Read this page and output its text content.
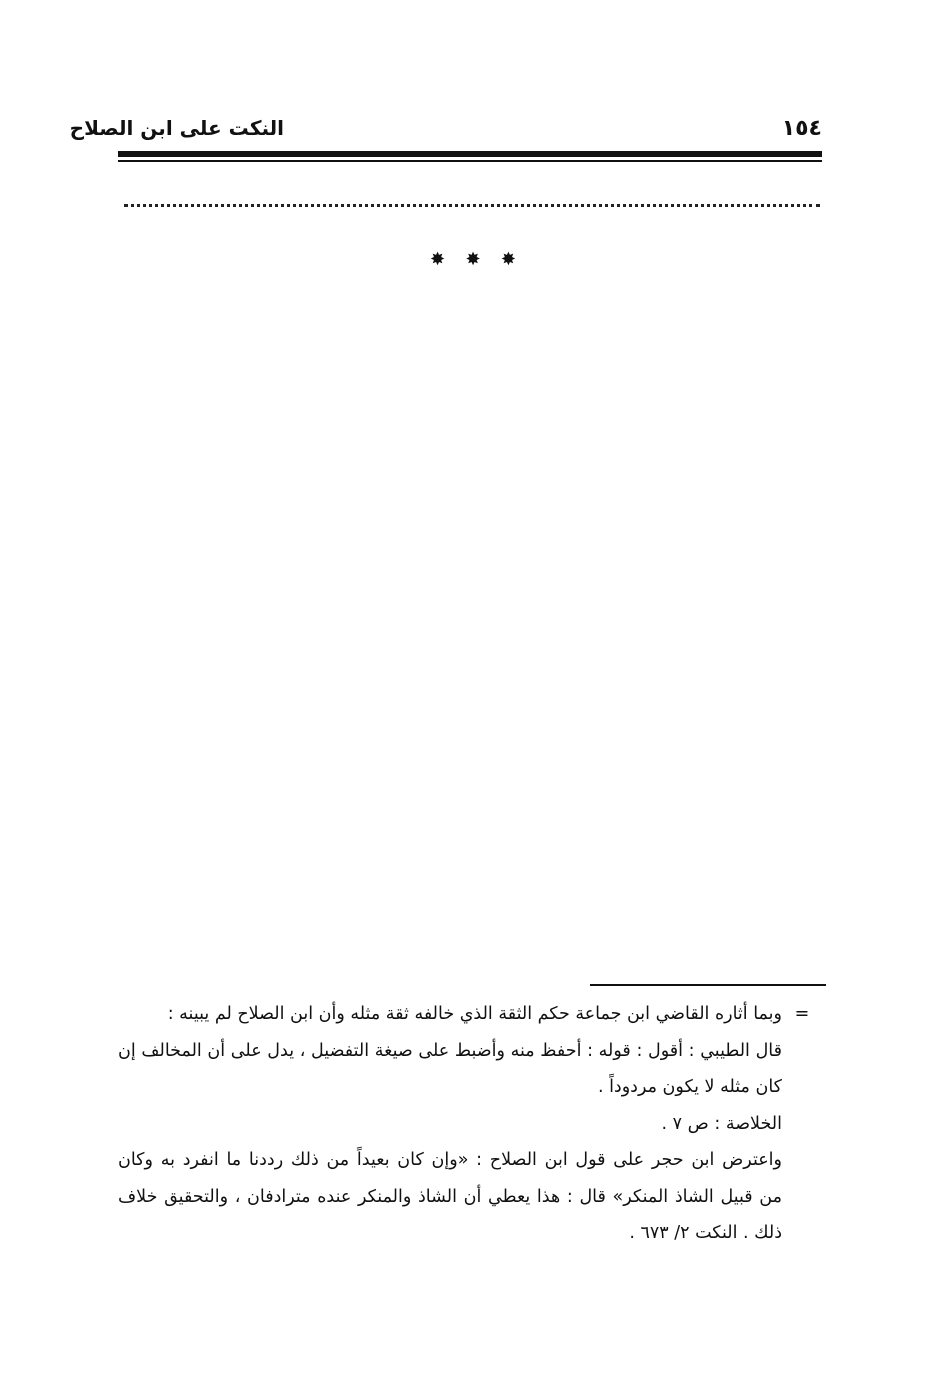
النكت على ابن الصلاح	١٥٤
✸ ✸ ✸
=وبما أثاره القاضي ابن جماعة حكم الثقة الذي خالفه ثقة مثله وأن ابن الصلاح لم يبينه :
قال الطيبي : أقول : قوله : أحفظ منه وأضبط على صيغة التفضيل ، يدل على أن المخالف إن
كان مثله لا يكون مردوداً .
الخلاصة : ص ٧ .
واعترض ابن حجر على قول ابن الصلاح : «وإن كان بعيداً من ذلك رددنا ما انفرد به وكان
من قبيل الشاذ المنكر» قال : هذا يعطي أن الشاذ والمنكر عنده مترادفان ، والتحقيق خلاف
ذلك . النكت ٢/ ٦٧٣ .
